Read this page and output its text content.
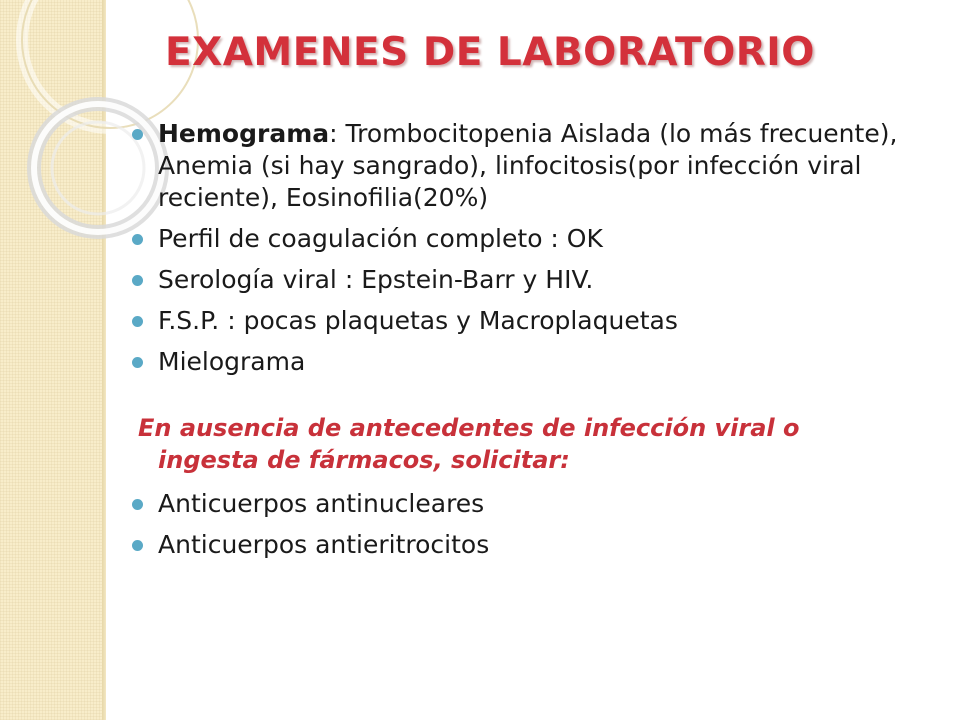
EXAMENES DE LABORATORIO
Hemograma: Trombocitopenia Aislada (lo más frecuente), Anemia (si hay sangrado), linfocitosis(por infección viral reciente), Eosinofilia(20%)
Perfil de coagulación completo : OK
Serología viral : Epstein-Barr y HIV.
F.S.P. : pocas plaquetas y Macroplaquetas
Mielograma

En ausencia de antecedentes de infección viral o
ingesta de fármacos, solicitar:

Anticuerpos antinucleares
Anticuerpos antieritrocitos
